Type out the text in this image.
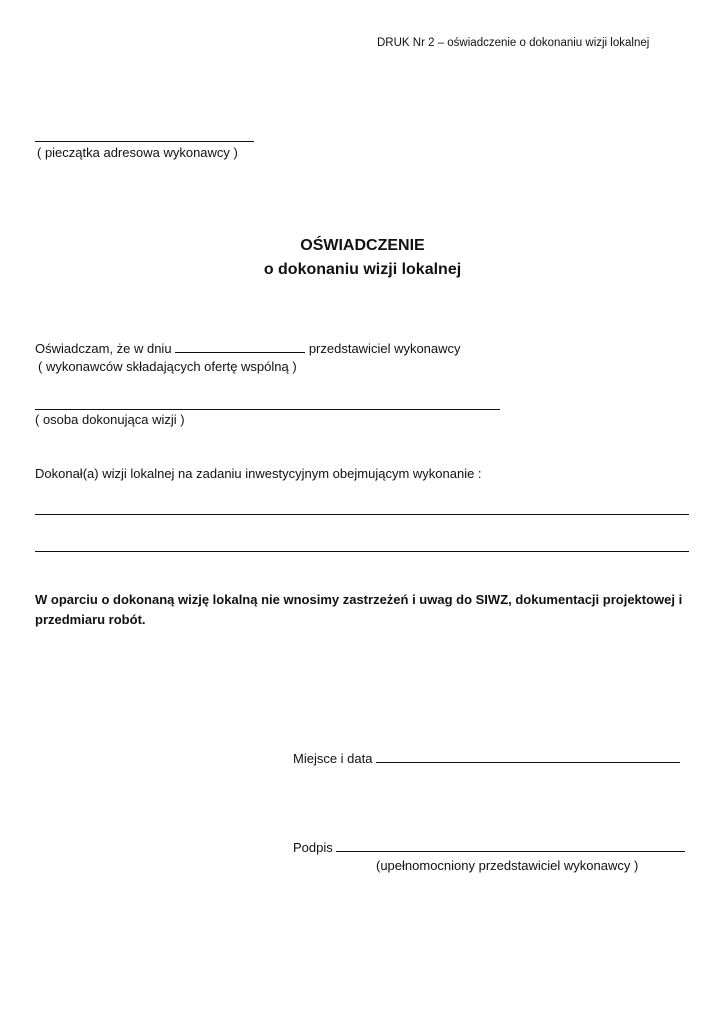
DRUK Nr 2 – oświadczenie o dokonaniu wizji lokalnej
( pieczątka adresowa wykonawcy )
OŚWIADCZENIE
o dokonaniu wizji lokalnej
Oświadczam, że w dniu	przedstawiciel wykonawcy
( wykonawców składających ofertę wspólną )
( osoba dokonująca wizji )
Dokonał(a) wizji lokalnej na zadaniu inwestycyjnym obejmującym wykonanie :
W oparciu o dokonaną wizję lokalną nie wnosimy zastrzeżeń i uwag do SIWZ, dokumentacji projektowej i przedmiaru robót.
Miejsce i data
Podpis
(upełnomocniony przedstawiciel wykonawcy )
